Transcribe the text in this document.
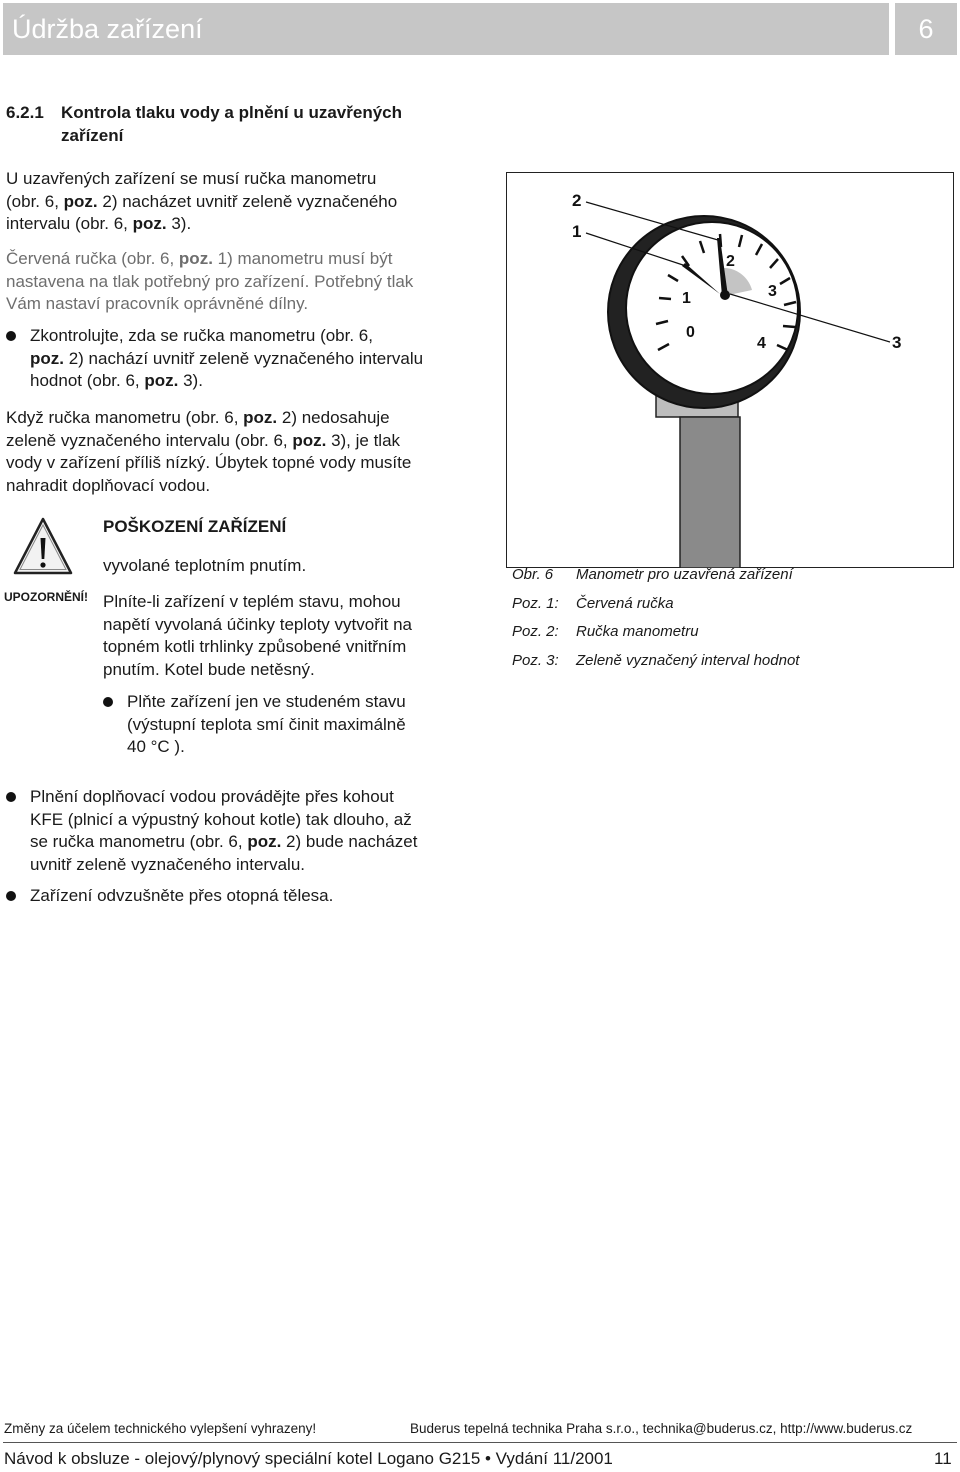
Údržba zařízení	6
6.2.1 Kontrola tlaku vody a plnění u uzavřených
zařízení
U uzavřených zařízení se musí ručka manometru
(obr. 6, poz. 2) nacházet uvnitř zeleně vyznačeného
intervalu (obr. 6, poz. 3).
Červená ručka (obr. 6, poz. 1) manometru musí být
nastavena na tlak potřebný pro zařízení. Potřebný tlak
Vám nastaví pracovník oprávněné dílny.
Zkontrolujte, zda se ručka manometru (obr. 6,
poz. 2) nachází uvnitř zeleně vyznačeného intervalu
hodnot (obr. 6, poz. 3).
Když ručka manometru (obr. 6, poz. 2) nedosahuje
zeleně vyznačeného intervalu (obr. 6, poz. 3), je tlak
vody v zařízení příliš nízký. Úbytek topné vody musíte
nahradit doplňovací vodou.
UPOZORNĚNÍ!
POŠKOZENÍ ZAŘÍZENÍ
vyvolané teplotním pnutím.
Plníte-li zařízení v teplém stavu, mohou
napětí vyvolaná účinky teploty vytvořit na
topném kotli trhlinky způsobené vnitřním
pnutím. Kotel bude netěsný.
Plňte zařízení jen ve studeném stavu
(výstupní teplota smí činit maximálně
40 °C ).
Plnění doplňovací vodou provádějte přes kohout
KFE (plnicí a výpustný kohout kotle) tak dlouho, až
se ručka manometru (obr. 6, poz. 2) bude nacházet
uvnitř zeleně vyznačeného intervalu.
Zařízení odvzušněte přes otopná tělesa.
0
1
2
3
4
2
1
3
Obr. 6 Manometr pro uzavřená zařízení
Poz. 1: Červená ručka
Poz. 2: Ručka manometru
Poz. 3: Zeleně vyznačený interval hodnot
Změny za účelem technického vylepšení vyhrazeny!	Buderus tepelná technika Praha s.r.o., technika@buderus.cz, http://www.buderus.cz
Návod k obsluze - olejový/plynový speciální kotel Logano G215 • Vydání 11/2001	11
